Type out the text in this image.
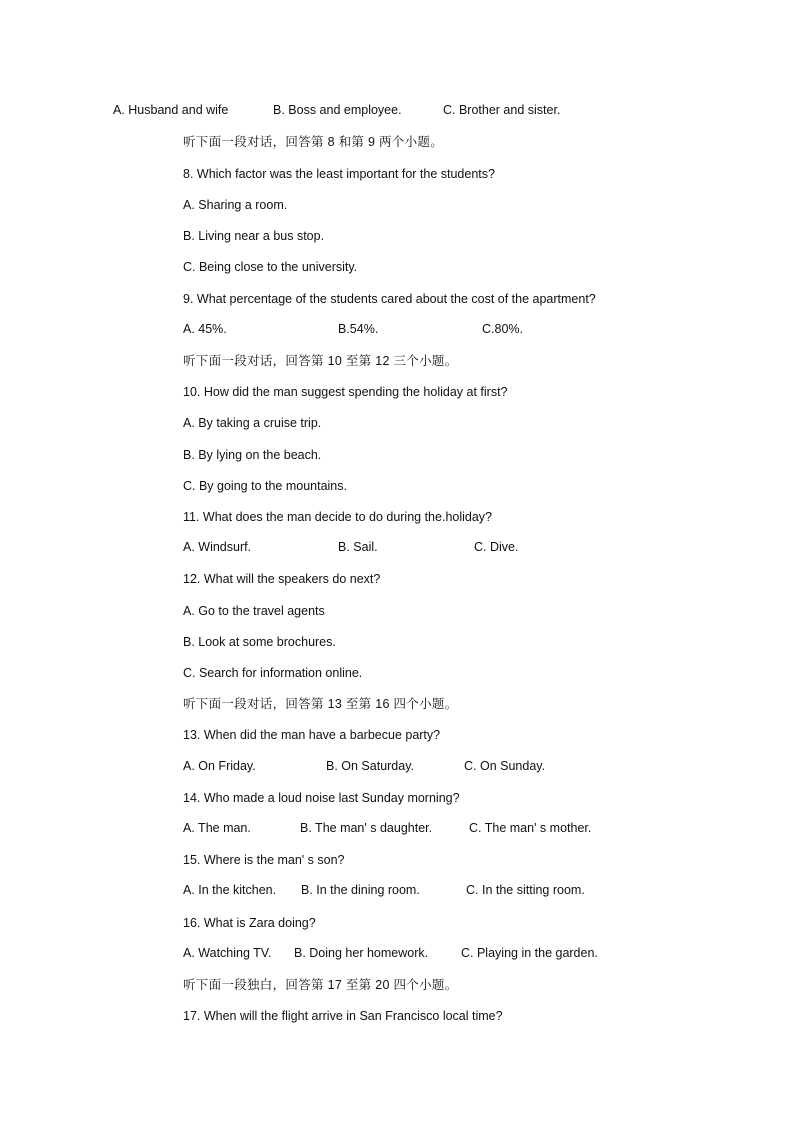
A. Husband and wife	B. Boss and employee.	C. Brother and sister.
听下面一段对话，回答第 8 和第 9 两个小题。
8. Which factor was the least important for the students?
A. Sharing a room.
B. Living near a bus stop.
C. Being close to the university.
9. What percentage of the students cared about the cost of the apartment?
A. 45%.	B.54%.	C.80%.
听下面一段对话，回答第 10 至第 12 三个小题。
10. How did the man suggest spending the holiday at first?
A. By taking a cruise trip.
B. By lying on the beach.
C. By going to the mountains.
11. What does the man decide to do during the.holiday?
A. Windsurf.	B. Sail.	C. Dive.
12. What will the speakers do next?
A. Go to the travel agents
B. Look at some brochures.
C. Search for information online.
听下面一段对话，回答第 13 至第 16 四个小题。
13. When did the man have a barbecue party?
A. On Friday.	B. On Saturday.	C. On Sunday.
14. Who made a loud noise last Sunday morning?
A. The man.	B. The man' s daughter.	C. The man' s mother.
15. Where is the man' s son?
A. In the kitchen. B. In the dining room.	C. In the sitting room.
16. What is Zara doing?
A. Watching TV. B. Doing her homework.	C. Playing in the garden.
听下面一段独白，回答第 17 至第 20 四个小题。
17. When will the flight arrive in San Francisco local time?
